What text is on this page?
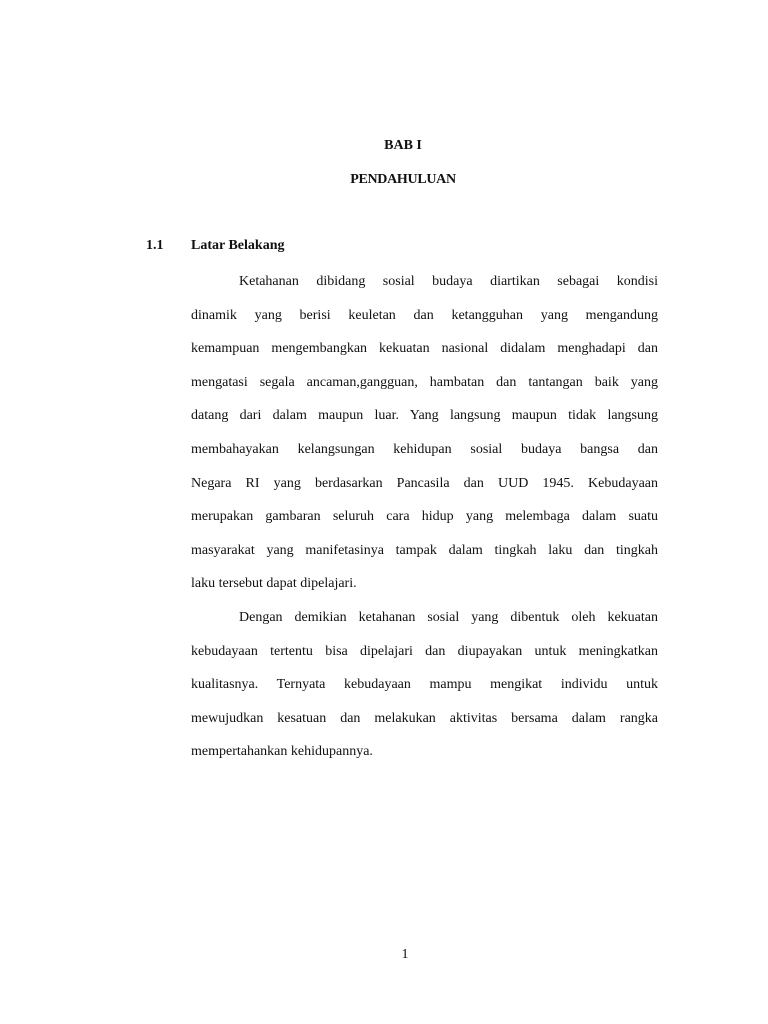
BAB I
PENDAHULUAN
1.1 Latar Belakang

Ketahanan dibidang sosial budaya diartikan sebagai kondisi
dinamik yang berisi keuletan dan ketangguhan yang mengandung
kemampuan mengembangkan kekuatan nasional didalam menghadapi dan
mengatasi segala ancaman,gangguan, hambatan dan tantangan baik yang
datang dari dalam maupun luar. Yang langsung maupun tidak langsung
membahayakan kelangsungan kehidupan sosial budaya bangsa dan
Negara RI yang berdasarkan Pancasila dan UUD 1945. Kebudayaan
merupakan gambaran seluruh cara hidup yang melembaga dalam suatu
masyarakat yang manifetasinya tampak dalam tingkah laku dan tingkah
laku tersebut dapat dipelajari.

Dengan demikian ketahanan sosial yang dibentuk oleh kekuatan
kebudayaan tertentu bisa dipelajari dan diupayakan untuk meningkatkan
kualitasnya. Ternyata kebudayaan mampu mengikat individu untuk
mewujudkan kesatuan dan melakukan aktivitas bersama dalam rangka
mempertahankan kehidupannya.

1
